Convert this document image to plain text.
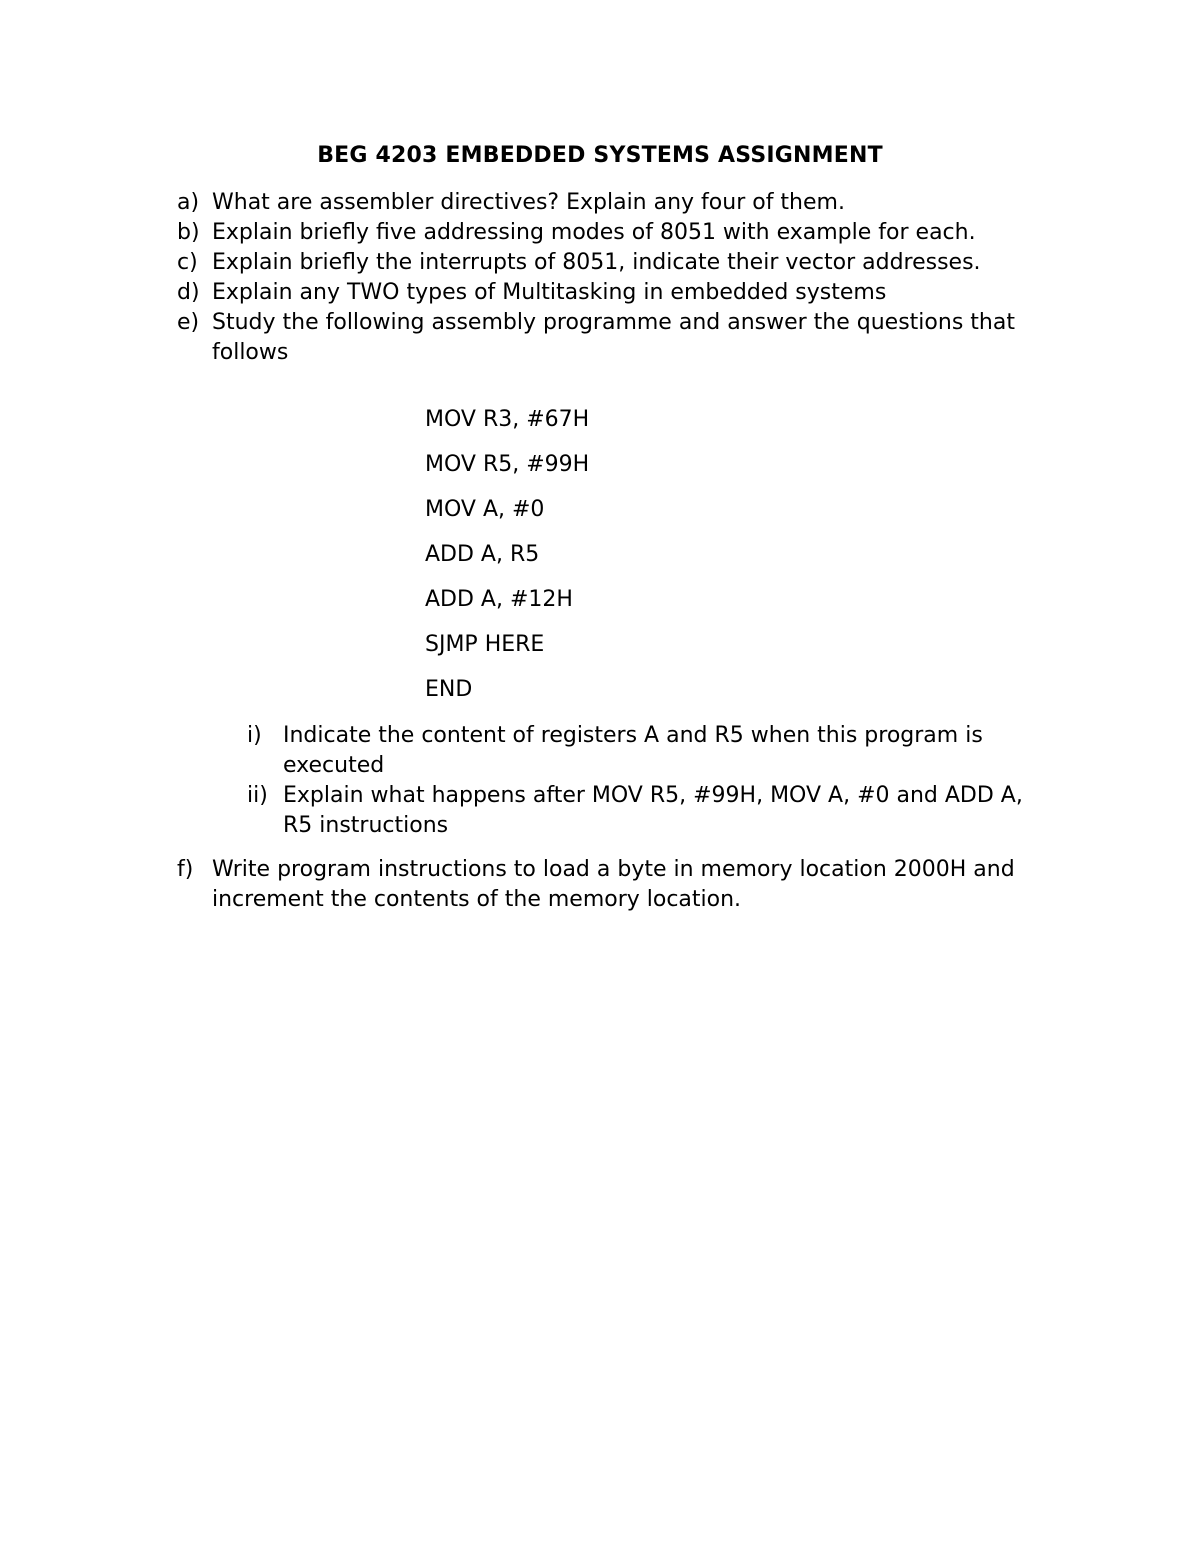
BEG 4203 EMBEDDED SYSTEMS ASSIGNMENT
a) What are assembler directives? Explain any four of them.
b) Explain briefly five addressing modes of 8051 with example for each.
c) Explain briefly the interrupts of 8051, indicate their vector addresses.
d) Explain any TWO types of Multitasking in embedded systems
e) Study the following assembly programme and answer the questions that follows
MOV R3, #67H
MOV R5, #99H
MOV A, #0
ADD A, R5
ADD A, #12H
SJMP HERE
END
i) Indicate the content of registers A and R5 when this program is executed
ii) Explain what happens after MOV R5, #99H, MOV A, #0 and ADD A, R5 instructions
f) Write program instructions to load a byte in memory location 2000H and increment the contents of the memory location.
